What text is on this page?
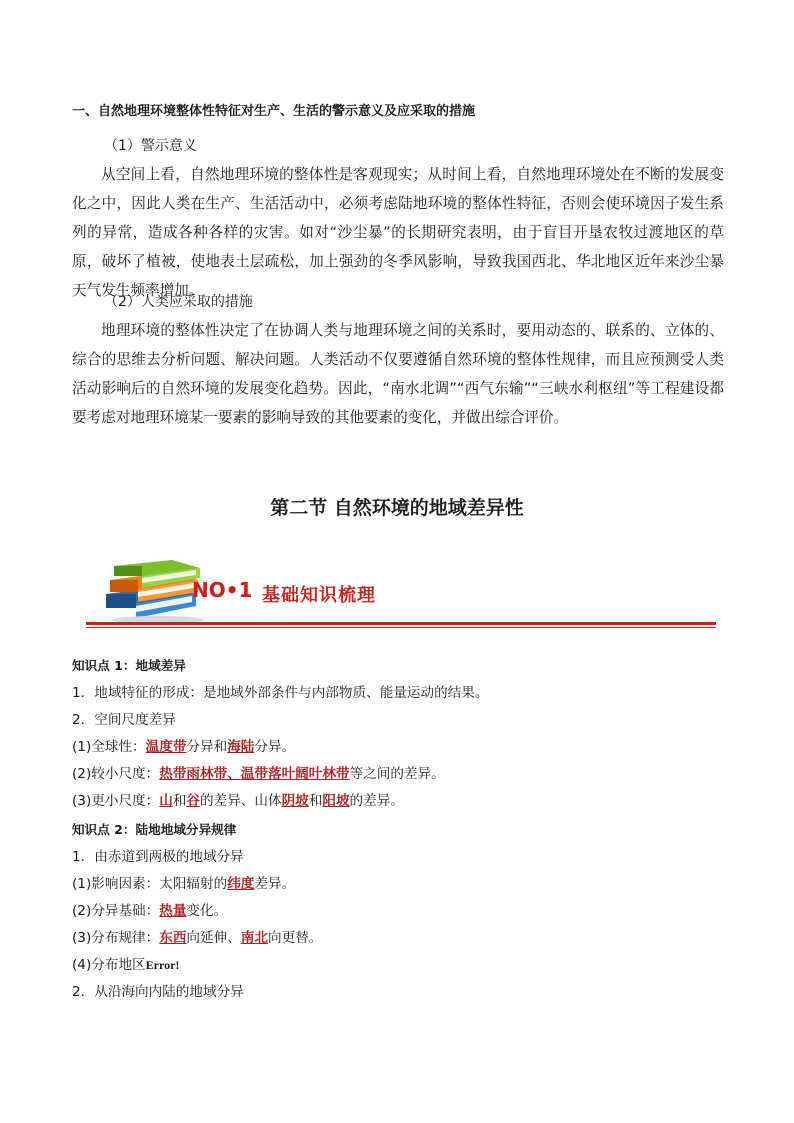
一、自然地理环境整体性特征对生产、生活的警示意义及应采取的措施
（1）警示意义

从空间上看，自然地理环境的整体性是客观现实；从时间上看，自然地理环境处在不断的发展变化之中，因此人类在生产、生活活动中，必须考虑陆地环境的整体性特征，否则会使环境因子发生系列的异常，造成各种各样的灾害。如对“沙尘暴”的长期研究表明，由于盲目开垦农牧过渡地区的草原，破坏了植被，使地表土层疏松，加上强劲的冬季风影响，导致我国西北、华北地区近年来沙尘暴天气发生频率增加。

（2）人类应采取的措施

地理环境的整体性决定了在协调人类与地理环境之间的关系时，要用动态的、联系的、立体的、综合的思维去分析问题、解决问题。人类活动不仅要遵循自然环境的整体性规律，而且应预测受人类活动影响后的自然环境的发展变化趋势。因此，“南水北调”“西气东输”“三峡水利枢纽”等工程建设都要考虑对地理环境某一要素的影响导致的其他要素的变化，并做出综合评价。

第二节 自然环境的地域差异性
NO•1 基础知识梳理
知识点 1：地域差异
1．地域特征的形成：是地域外部条件与内部物质、能量运动的结果。
2．空间尺度差异
(1)全球性：温度带分异和海陆分异。
(2)较小尺度：热带雨林带、温带落叶阔叶林带等之间的差异。
(3)更小尺度：山和谷的差异、山体阴坡和阳坡的差异。
知识点 2：陆地地域分异规律
1．由赤道到两极的地域分异
(1)影响因素：太阳辐射的纬度差异。
(2)分异基础：热量变化。
(3)分布规律：东西向延伸、南北向更替。
(4)分布地区Error!
2．从沿海向内陆的地域分异
